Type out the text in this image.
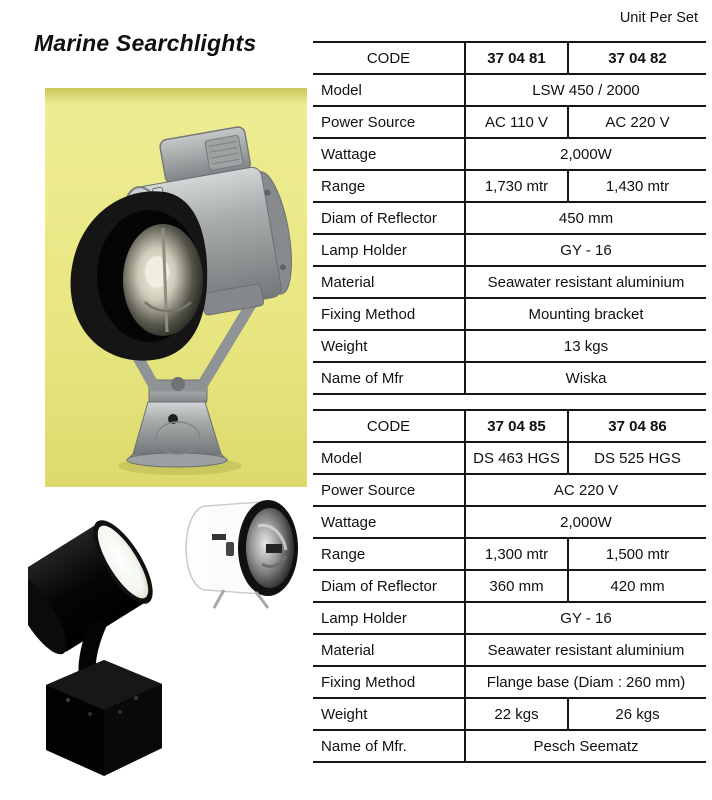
Unit Per Set
Marine Searchlights
CODE	37 04 81	37 04 82
Model	LSW 450 / 2000	
Power Source	AC 110 V	AC 220 V
Wattage	2,000W	
Range	1,730 mtr	1,430 mtr
Diam of Reflector	450 mm	
Lamp Holder	GY - 16	
Material	Seawater resistant aluminium	
Fixing Method	Mounting bracket	
Weight	13 kgs	
Name of Mfr	Wiska	
CODE	37 04 85	37 04 86
Model	DS 463 HGS	DS 525 HGS
Power Source	AC 220 V	
Wattage	2,000W	
Range	1,300 mtr	1,500 mtr
Diam of Reflector	360 mm	420 mm
Lamp Holder	GY - 16	
Material	Seawater resistant aluminium	
Fixing Method	Flange base (Diam : 260 mm)	
Weight	22 kgs	26 kgs
Name of Mfr.	Pesch Seematz	
